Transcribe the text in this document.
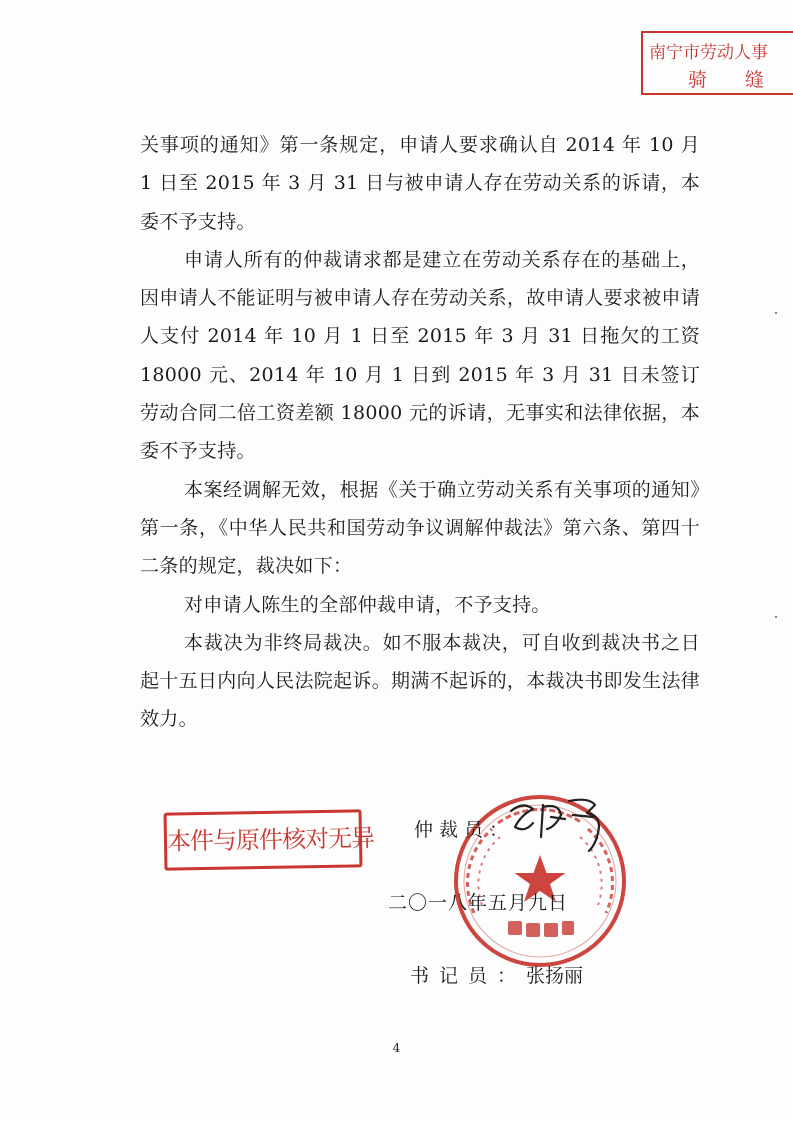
南宁市劳动人事
骑 缝

关事项的通知》第一条规定，申请人要求确认自 2014 年 10 月 1 日至 2015 年 3 月 31 日与被申请人存在劳动关系的诉请，本委不予支持。

申请人所有的仲裁请求都是建立在劳动关系存在的基础上，因申请人不能证明与被申请人存在劳动关系，故申请人要求被申请人支付 2014 年 10 月 1 日至 2015 年 3 月 31 日拖欠的工资 18000 元、2014 年 10 月 1 日到 2015 年 3 月 31 日未签订劳动合同二倍工资差额 18000 元的诉请，无事实和法律依据，本委不予支持。

本案经调解无效，根据《关于确立劳动关系有关事项的通知》第一条，《中华人民共和国劳动争议调解仲裁法》第六条、第四十二条的规定，裁决如下：

对申请人陈生的全部仲裁申请，不予支持。

本裁决为非终局裁决。如不服本裁决，可自收到裁决书之日起十五日内向人民法院起诉。期满不起诉的，本裁决书即发生法律效力。

本件与原件核对无异 仲裁员：
二〇一八年五月九日
书记员：张扬丽
4
